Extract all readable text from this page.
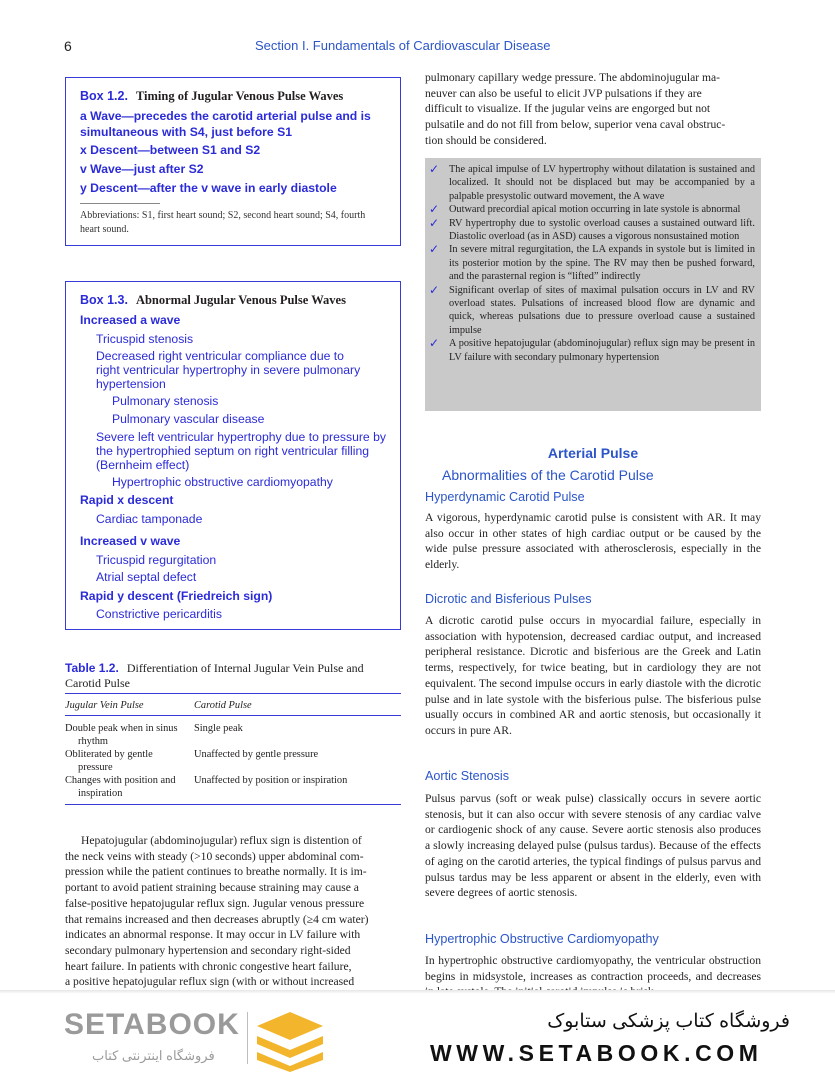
6	Section I. Fundamentals of Cardiovascular Disease
Box 1.2. Timing of Jugular Venous Pulse Waves
a Wave—precedes the carotid arterial pulse and is
simultaneous with S4, just before S1
x Descent—between S1 and S2
v Wave—just after S2
y Descent—after the v wave in early diastole
Abbreviations: S1, first heart sound; S2, second heart sound; S4, fourth
heart sound.
Box 1.3. Abnormal Jugular Venous Pulse Waves
Increased a wave
Tricuspid stenosis
Decreased right ventricular compliance due to
right ventricular hypertrophy in severe pulmonary
hypertension
Pulmonary stenosis
Pulmonary vascular disease
Severe left ventricular hypertrophy due to pressure by
the hypertrophied septum on right ventricular filling
(Bernheim effect)
Hypertrophic obstructive cardiomyopathy
Rapid x descent
Cardiac tamponade
Increased v wave
Tricuspid regurgitation
Atrial septal defect
Rapid y descent (Friedreich sign)
Constrictive pericarditis
Table 1.2. Differentiation of Internal Jugular Vein Pulse and
Carotid Pulse
Jugular Vein Pulse	Carotid Pulse
Double peak when in sinus
rhythm
Single peak
Obliterated by gentle
pressure
Unaffected by gentle pressure
Changes with position and
inspiration
Unaffected by position or inspiration
Hepatojugular (abdominojugular) reflux sign is distention of
the neck veins with steady (>10 seconds) upper abdominal com-
pression while the patient continues to breathe normally. It is im-
portant to avoid patient straining because straining may cause a
false-positive hepatojugular reflux sign. Jugular venous pressure
that remains increased and then decreases abruptly (≥4 cm water)
indicates an abnormal response. It may occur in LV failure with
secondary pulmonary hypertension and secondary right-sided
heart failure. In patients with chronic congestive heart failure,
a positive hepatojugular reflux sign (with or without increased
pulmonary capillary wedge pressure. The abdominojugular ma-
neuver can also be useful to elicit JVP pulsations if they are
difficult to visualize. If the jugular veins are engorged but not
pulsatile and do not fill from below, superior vena caval obstruc-
tion should be considered.
✓ The apical impulse of LV hypertrophy without dilatation is sustained and localized. It should not be displaced but may be accompanied by a palpable presystolic outward movement, the A wave
✓ Outward precordial apical motion occurring in late systole is abnormal
✓ RV hypertrophy due to systolic overload causes a sustained outward lift. Diastolic overload (as in ASD) causes a vigorous nonsustained motion
✓ In severe mitral regurgitation, the LA expands in systole but is limited in its posterior motion by the spine. The RV may then be pushed forward, and the parasternal region is “lifted” indirectly
✓ Significant overlap of sites of maximal pulsation occurs in LV and RV overload states. Pulsations of increased blood flow are dynamic and quick, whereas pulsations due to pressure overload cause a sustained impulse
✓ A positive hepatojugular (abdominojugular) reflux sign may be present in LV failure with secondary pulmonary hypertension
Arterial Pulse
Abnormalities of the Carotid Pulse
Hyperdynamic Carotid Pulse
A vigorous, hyperdynamic carotid pulse is consistent with AR. It may also occur in other states of high cardiac output or be caused by the wide pulse pressure associated with atherosclerosis, especially in the elderly.
Dicrotic and Bisferious Pulses
A dicrotic carotid pulse occurs in myocardial failure, especially in association with hypotension, decreased cardiac output, and increased peripheral resistance. Dicrotic and bisferious are the Greek and Latin terms, respectively, for twice beating, but in cardiology they are not equivalent. The second impulse occurs in early diastole with the dicrotic pulse and in late systole with the bisferious pulse. The bisferious pulse usually occurs in combined AR and aortic stenosis, but occasionally it occurs in pure AR.
Aortic Stenosis
Pulsus parvus (soft or weak pulse) classically occurs in severe aortic stenosis, but it can also occur with severe stenosis of any cardiac valve or cardiogenic shock of any cause. Severe aortic stenosis also produces a slowly increasing delayed pulse (pulsus tardus). Because of the effects of aging on the carotid arteries, the typical findings of pulsus parvus and pulsus tardus may be less apparent or absent in the elderly, even with severe degrees of aortic stenosis.
Hypertrophic Obstructive Cardiomyopathy
In hypertrophic obstructive cardiomyopathy, the ventricular obstruction begins in midsystole, increases as contraction proceeds, and decreases
SETABOOK
فروشگاه اینترنتی کتاب
فروشگاه کتاب پزشکی ستابوک
WWW.SETABOOK.COM
